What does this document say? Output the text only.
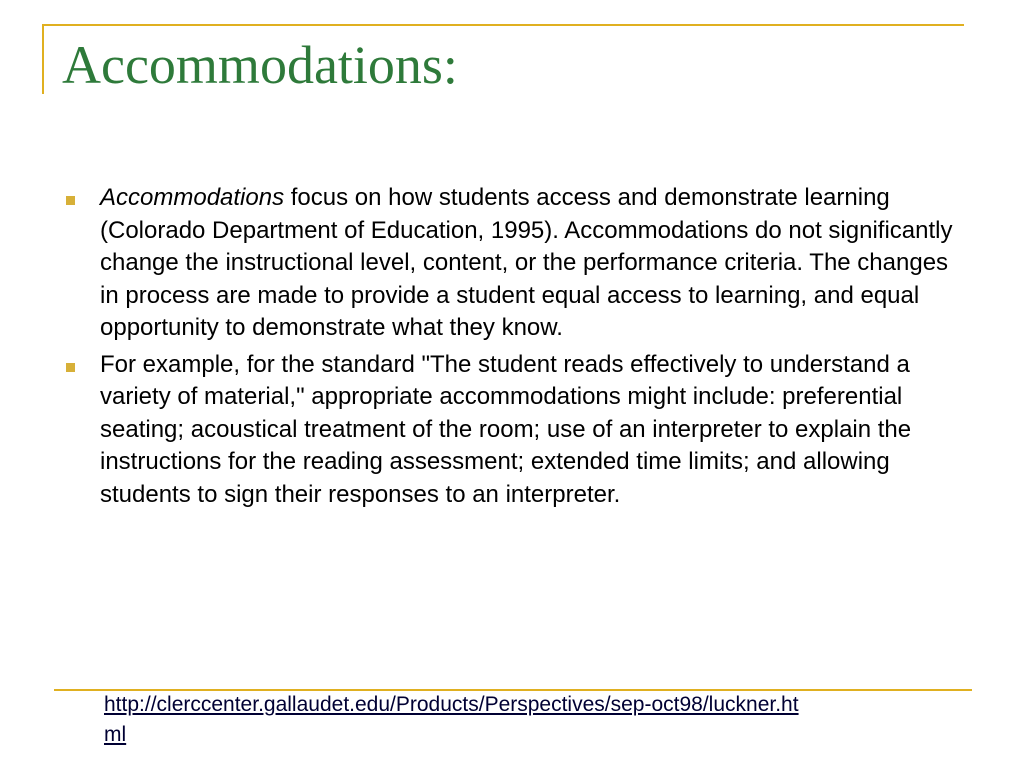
Accommodations:
Accommodations focus on how students access and demonstrate learning (Colorado Department of Education, 1995). Accommodations do not significantly change the instructional level, content, or the performance criteria. The changes in process are made to provide a student equal access to learning, and equal opportunity to demonstrate what they know.
For example, for the standard "The student reads effectively to understand a variety of material," appropriate accommodations might include: preferential seating; acoustical treatment of the room; use of an interpreter to explain the instructions for the reading assessment; extended time limits; and allowing students to sign their responses to an interpreter.
http://clerccenter.gallaudet.edu/Products/Perspectives/sep-oct98/luckner.html
